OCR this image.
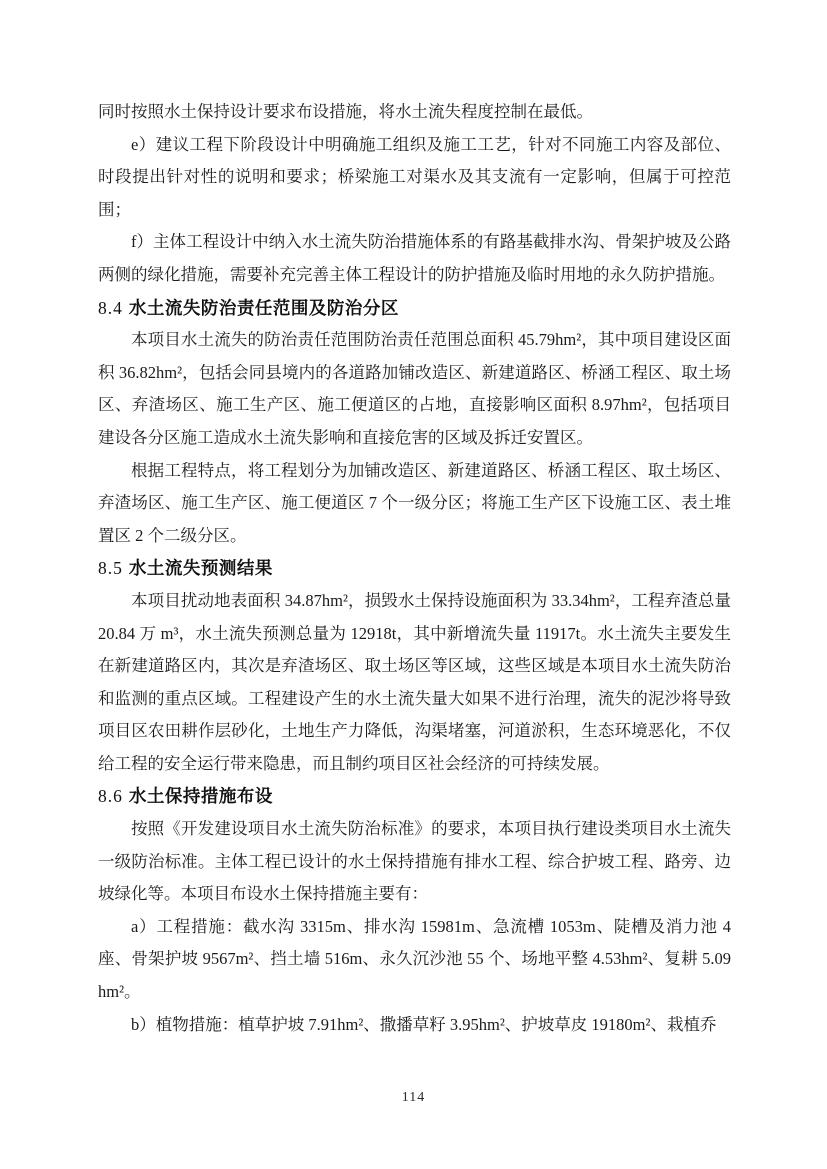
同时按照水土保持设计要求布设措施，将水土流失程度控制在最低。

e）建议工程下阶段设计中明确施工组织及施工工艺，针对不同施工内容及部位、时段提出针对性的说明和要求；桥梁施工对渠水及其支流有一定影响，但属于可控范围；

f）主体工程设计中纳入水土流失防治措施体系的有路基截排水沟、骨架护坡及公路两侧的绿化措施，需要补充完善主体工程设计的防护措施及临时用地的永久防护措施。

8.4 水土流失防治责任范围及防治分区

本项目水土流失的防治责任范围防治责任范围总面积 45.79hm²，其中项目建设区面积 36.82hm²，包括会同县境内的各道路加铺改造区、新建道路区、桥涵工程区、取土场区、弃渣场区、施工生产区、施工便道区的占地，直接影响区面积 8.97hm²，包括项目建设各分区施工造成水土流失影响和直接危害的区域及拆迁安置区。

根据工程特点，将工程划分为加铺改造区、新建道路区、桥涵工程区、取土场区、弃渣场区、施工生产区、施工便道区 7 个一级分区；将施工生产区下设施工区、表土堆置区 2 个二级分区。

8.5 水土流失预测结果

本项目扰动地表面积 34.87hm²，损毁水土保持设施面积为 33.34hm²，工程弃渣总量 20.84 万 m³，水土流失预测总量为 12918t，其中新增流失量 11917t。水土流失主要发生在新建道路区内，其次是弃渣场区、取土场区等区域，这些区域是本项目水土流失防治和监测的重点区域。工程建设产生的水土流失量大如果不进行治理，流失的泥沙将导致项目区农田耕作层砂化，土地生产力降低，沟渠堵塞，河道淤积，生态环境恶化，不仅给工程的安全运行带来隐患，而且制约项目区社会经济的可持续发展。

8.6 水土保持措施布设

按照《开发建设项目水土流失防治标准》的要求，本项目执行建设类项目水土流失一级防治标准。主体工程已设计的水土保持措施有排水工程、综合护坡工程、路旁、边坡绿化等。本项目布设水土保持措施主要有：

a）工程措施：截水沟 3315m、排水沟 15981m、急流槽 1053m、陡槽及消力池 4 座、骨架护坡 9567m²、挡土墙 516m、永久沉沙池 55 个、场地平整 4.53hm²、复耕 5.09hm²。

b）植物措施：植草护坡 7.91hm²、撒播草籽 3.95hm²、护坡草皮 19180m²、栽植乔

114
